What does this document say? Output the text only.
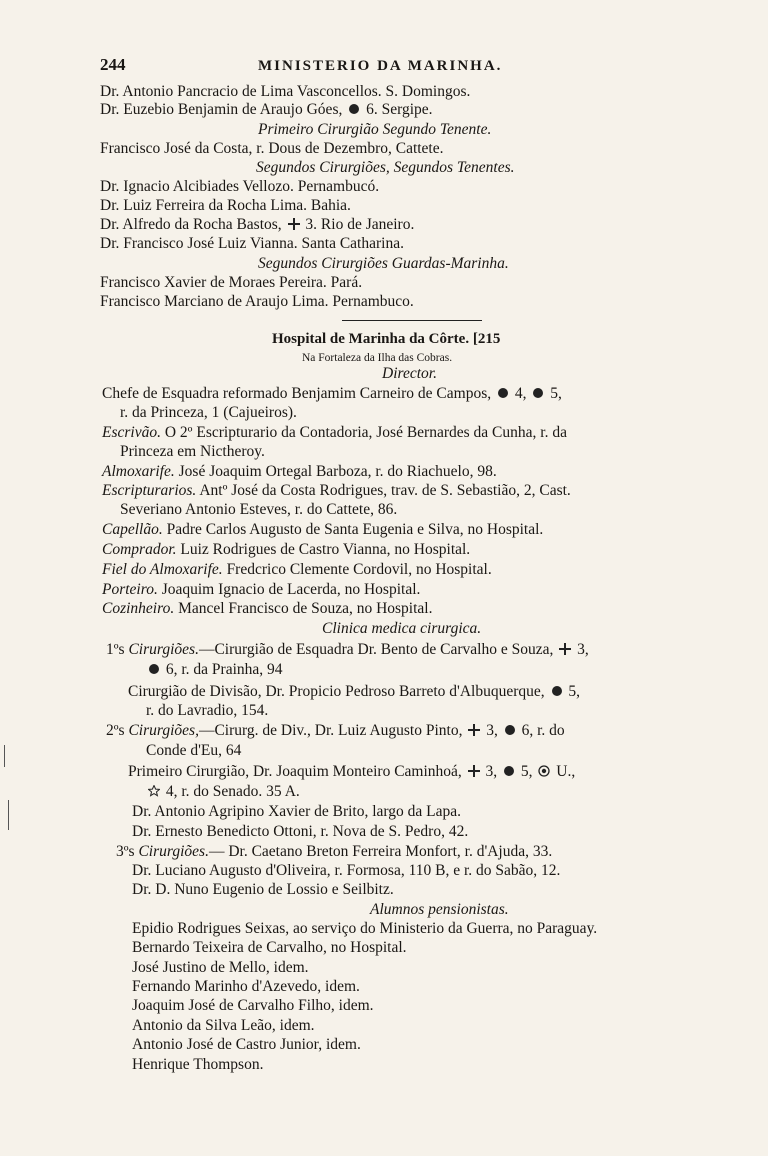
244	MINISTERIO DA MARINHA.
Dr. Antonio Pancracio de Lima Vasconcellos. S. Domingos.
Dr. Euzebio Benjamin de Araujo Góes,  6. Sergipe.
Primeiro Cirurgião Segundo Tenente.
Francisco José da Costa, r. Dous de Dezembro, Cattete.
Segundos Cirurgiões, Segundos Tenentes.
Dr. Ignacio Alcibiades Vellozo. Pernambucó.
Dr. Luiz Ferreira da Rocha Lima. Bahia.
Dr. Alfredo da Rocha Bastos,  3. Rio de Janeiro.
Dr. Francisco José Luiz Vianna. Santa Catharina.
Segundos Cirurgiões Guardas-Marinha.
Francisco Xavier de Moraes Pereira. Pará.
Francisco Marciano de Araujo Lima. Pernambuco.
Hospital de Marinha da Côrte. [215
Na Fortaleza da Ilha das Cobras.
Director.
Chefe de Esquadra reformado Benjamim Carneiro de Campos,  4,  5,
r. da Princeza, 1 (Cajueiros).
Escrivão. O 2º Escripturario da Contadoria, José Bernardes da Cunha, r. da
Princeza em Nictheroy.
Almoxarife. José Joaquim Ortegal Barboza, r. do Riachuelo, 98.
Escripturarios. Antº José da Costa Rodrigues, trav. de S. Sebastião, 2, Cast.
Severiano Antonio Esteves, r. do Cattete, 86.
Capellão. Padre Carlos Augusto de Santa Eugenia e Silva, no Hospital.
Comprador. Luiz Rodrigues de Castro Vianna, no Hospital.
Fiel do Almoxarife. Fredcrico Clemente Cordovil, no Hospital.
Porteiro. Joaquim Ignacio de Lacerda, no Hospital.
Cozinheiro. Mancel Francisco de Souza, no Hospital.
Clinica medica cirurgica.
1ºs Cirurgiões.—Cirurgião de Esquadra Dr. Bento de Carvalho e Souza,  3,
6, r. da Prainha, 94
Cirurgião de Divisão, Dr. Propicio Pedroso Barreto d'Albuquerque,  5,
r. do Lavradio, 154.
2ºs Cirurgiões,—Cirurg. de Div., Dr. Luiz Augusto Pinto,  3,  6, r. do
Conde d'Eu, 64
Primeiro Cirurgião, Dr. Joaquim Monteiro Caminhoá,  3,  5,  U.,
4, r. do Senado. 35 A.
Dr. Antonio Agripino Xavier de Brito, largo da Lapa.
Dr. Ernesto Benedicto Ottoni, r. Nova de S. Pedro, 42.
3ºs Cirurgiões.— Dr. Caetano Breton Ferreira Monfort, r. d'Ajuda, 33.
Dr. Luciano Augusto d'Oliveira, r. Formosa, 110 B, e r. do Sabão, 12.
Dr. D. Nuno Eugenio de Lossio e Seilbitz.
Alumnos pensionistas.
Epidio Rodrigues Seixas, ao serviço do Ministerio da Guerra, no Paraguay.
Bernardo Teixeira de Carvalho, no Hospital.
José Justino de Mello, idem.
Fernando Marinho d'Azevedo, idem.
Joaquim José de Carvalho Filho, idem.
Antonio da Silva Leão, idem.
Antonio José de Castro Junior, idem.
Henrique Thompson.
